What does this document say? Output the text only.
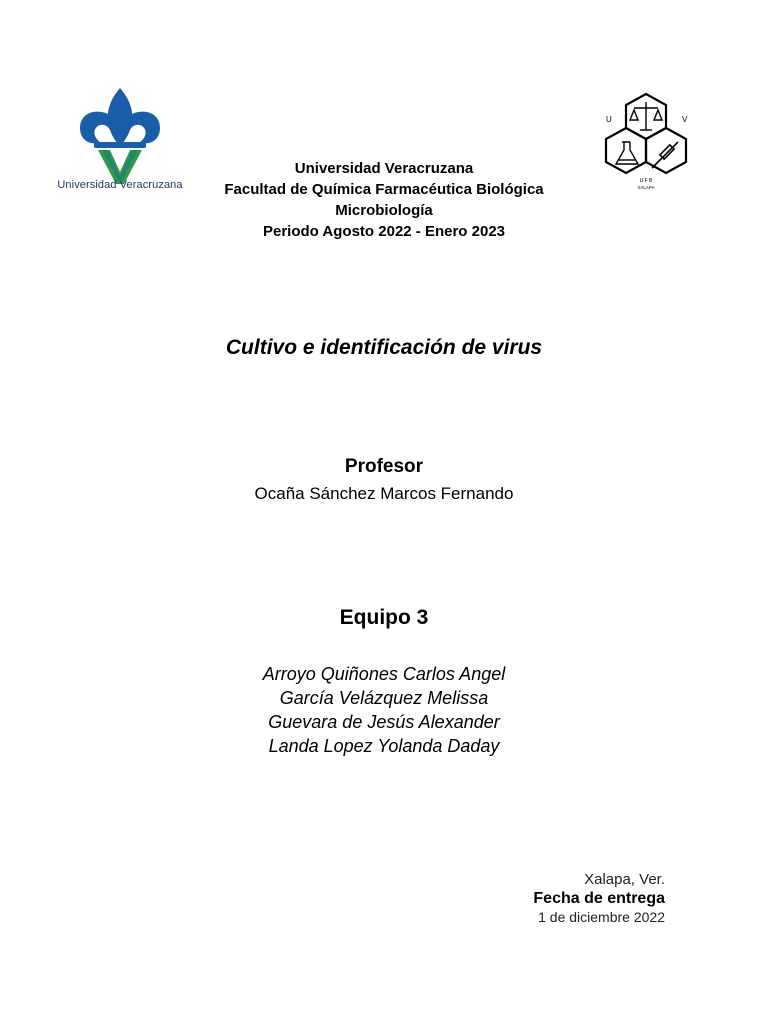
Universidad Veracruzana
U	V
U F B
XALAPA
Universidad Veracruzana
Facultad de Química Farmacéutica Biológica
Microbiología
Periodo Agosto 2022 - Enero 2023
Cultivo e identificación de virus
Profesor
Ocaña Sánchez Marcos Fernando
Equipo 3
Arroyo Quiñones Carlos Angel
García Velázquez Melissa
Guevara de Jesús Alexander
Landa Lopez Yolanda Daday
Xalapa, Ver.
Fecha de entrega
1 de diciembre 2022
